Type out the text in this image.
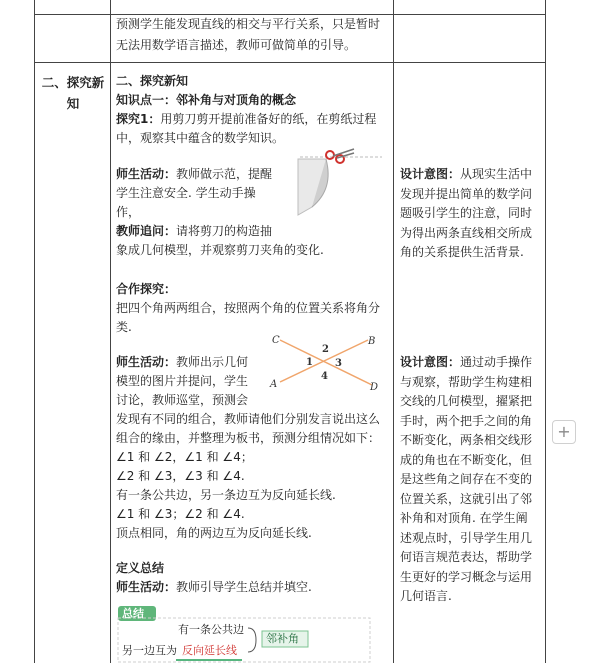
二、探究新
知
预测学生能发现直线的相交与平行关系，只是暂时
无法用数学语言描述，教师可做简单的引导。
二、探究新知
知识点一：邻补角与对顶角的概念
探究1：用剪刀剪开提前准备好的纸，在剪纸过程
中，观察其中蕴含的数学知识。
师生活动：教师做示范，提醒
学生注意安全. 学生动手操
作，
教师追问：请将剪刀的构造抽
象成几何模型，并观察剪刀夹角的变化.
合作探究：
把四个角两两组合，按照两个角的位置关系将角分
类.
师生活动：教师出示几何
模型的图片并提问，学生
讨论，教师巡堂，预测会
发现有不同的组合，教师请他们分别发言说出这么
组合的缘由，并整理为板书，预测分组情况如下：
∠1 和 ∠2，∠1 和 ∠4；
∠2 和 ∠3，∠3 和 ∠4.
有一条公共边，另一条边互为反向延长线.
∠1 和 ∠3；∠2 和 ∠4.
顶点相同，角的两边互为反向延长线.
C	B
A	D
2
1 3
4
定义总结
师生活动：教师引导学生总结并填空.
总结
有一条公共边
另一边互为 反向延长线
邻补角
设计意图：从现实生活中
发现并提出简单的数学问
题吸引学生的注意，同时
为得出两条直线相交所成
角的关系提供生活背景.
设计意图：通过动手操作
与观察，帮助学生构建相
交线的几何模型，擢紧把
手时，两个把手之间的角
不断变化，两条相交线形
成的角也在不断变化，但
是这些角之间存在不变的
位置关系，这就引出了邻
补角和对顶角. 在学生阐
述观点时，引导学生用几
何语言规范表达，帮助学
生更好的学习概念与运用
几何语言.
+
